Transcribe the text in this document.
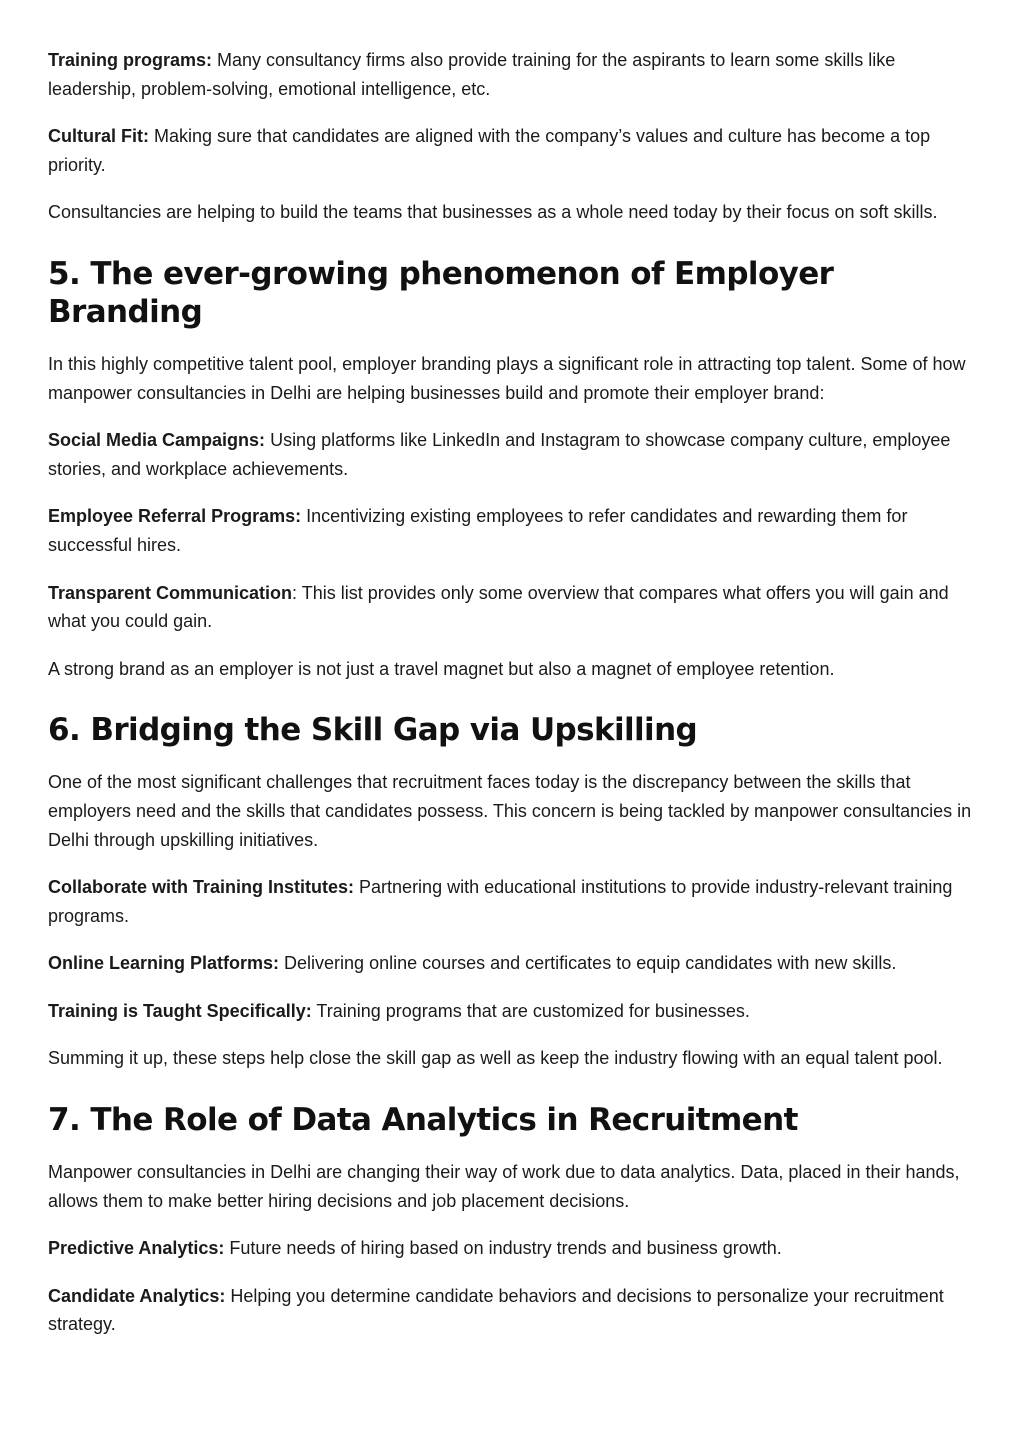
Training programs: Many consultancy firms also provide training for the aspirants to learn some skills like leadership, problem-solving, emotional intelligence, etc.

Cultural Fit: Making sure that candidates are aligned with the company’s values and culture has become a top priority.

Consultancies are helping to build the teams that businesses as a whole need today by their focus on soft skills.

5. The ever-growing phenomenon of Employer Branding

In this highly competitive talent pool, employer branding plays a significant role in attracting top talent. Some of how manpower consultancies in Delhi are helping businesses build and promote their employer brand:

Social Media Campaigns: Using platforms like LinkedIn and Instagram to showcase company culture, employee stories, and workplace achievements.

Employee Referral Programs: Incentivizing existing employees to refer candidates and rewarding them for successful hires.

Transparent Communication: This list provides only some overview that compares what offers you will gain and what you could gain.

A strong brand as an employer is not just a travel magnet but also a magnet of employee retention.

6. Bridging the Skill Gap via Upskilling

One of the most significant challenges that recruitment faces today is the discrepancy between the skills that employers need and the skills that candidates possess. This concern is being tackled by manpower consultancies in Delhi through upskilling initiatives.

Collaborate with Training Institutes: Partnering with educational institutions to provide industry-relevant training programs.

Online Learning Platforms: Delivering online courses and certificates to equip candidates with new skills.

Training is Taught Specifically: Training programs that are customized for businesses.

Summing it up, these steps help close the skill gap as well as keep the industry flowing with an equal talent pool.

7. The Role of Data Analytics in Recruitment

Manpower consultancies in Delhi are changing their way of work due to data analytics. Data, placed in their hands, allows them to make better hiring decisions and job placement decisions.

Predictive Analytics: Future needs of hiring based on industry trends and business growth.

Candidate Analytics: Helping you determine candidate behaviors and decisions to personalize your recruitment strategy.
